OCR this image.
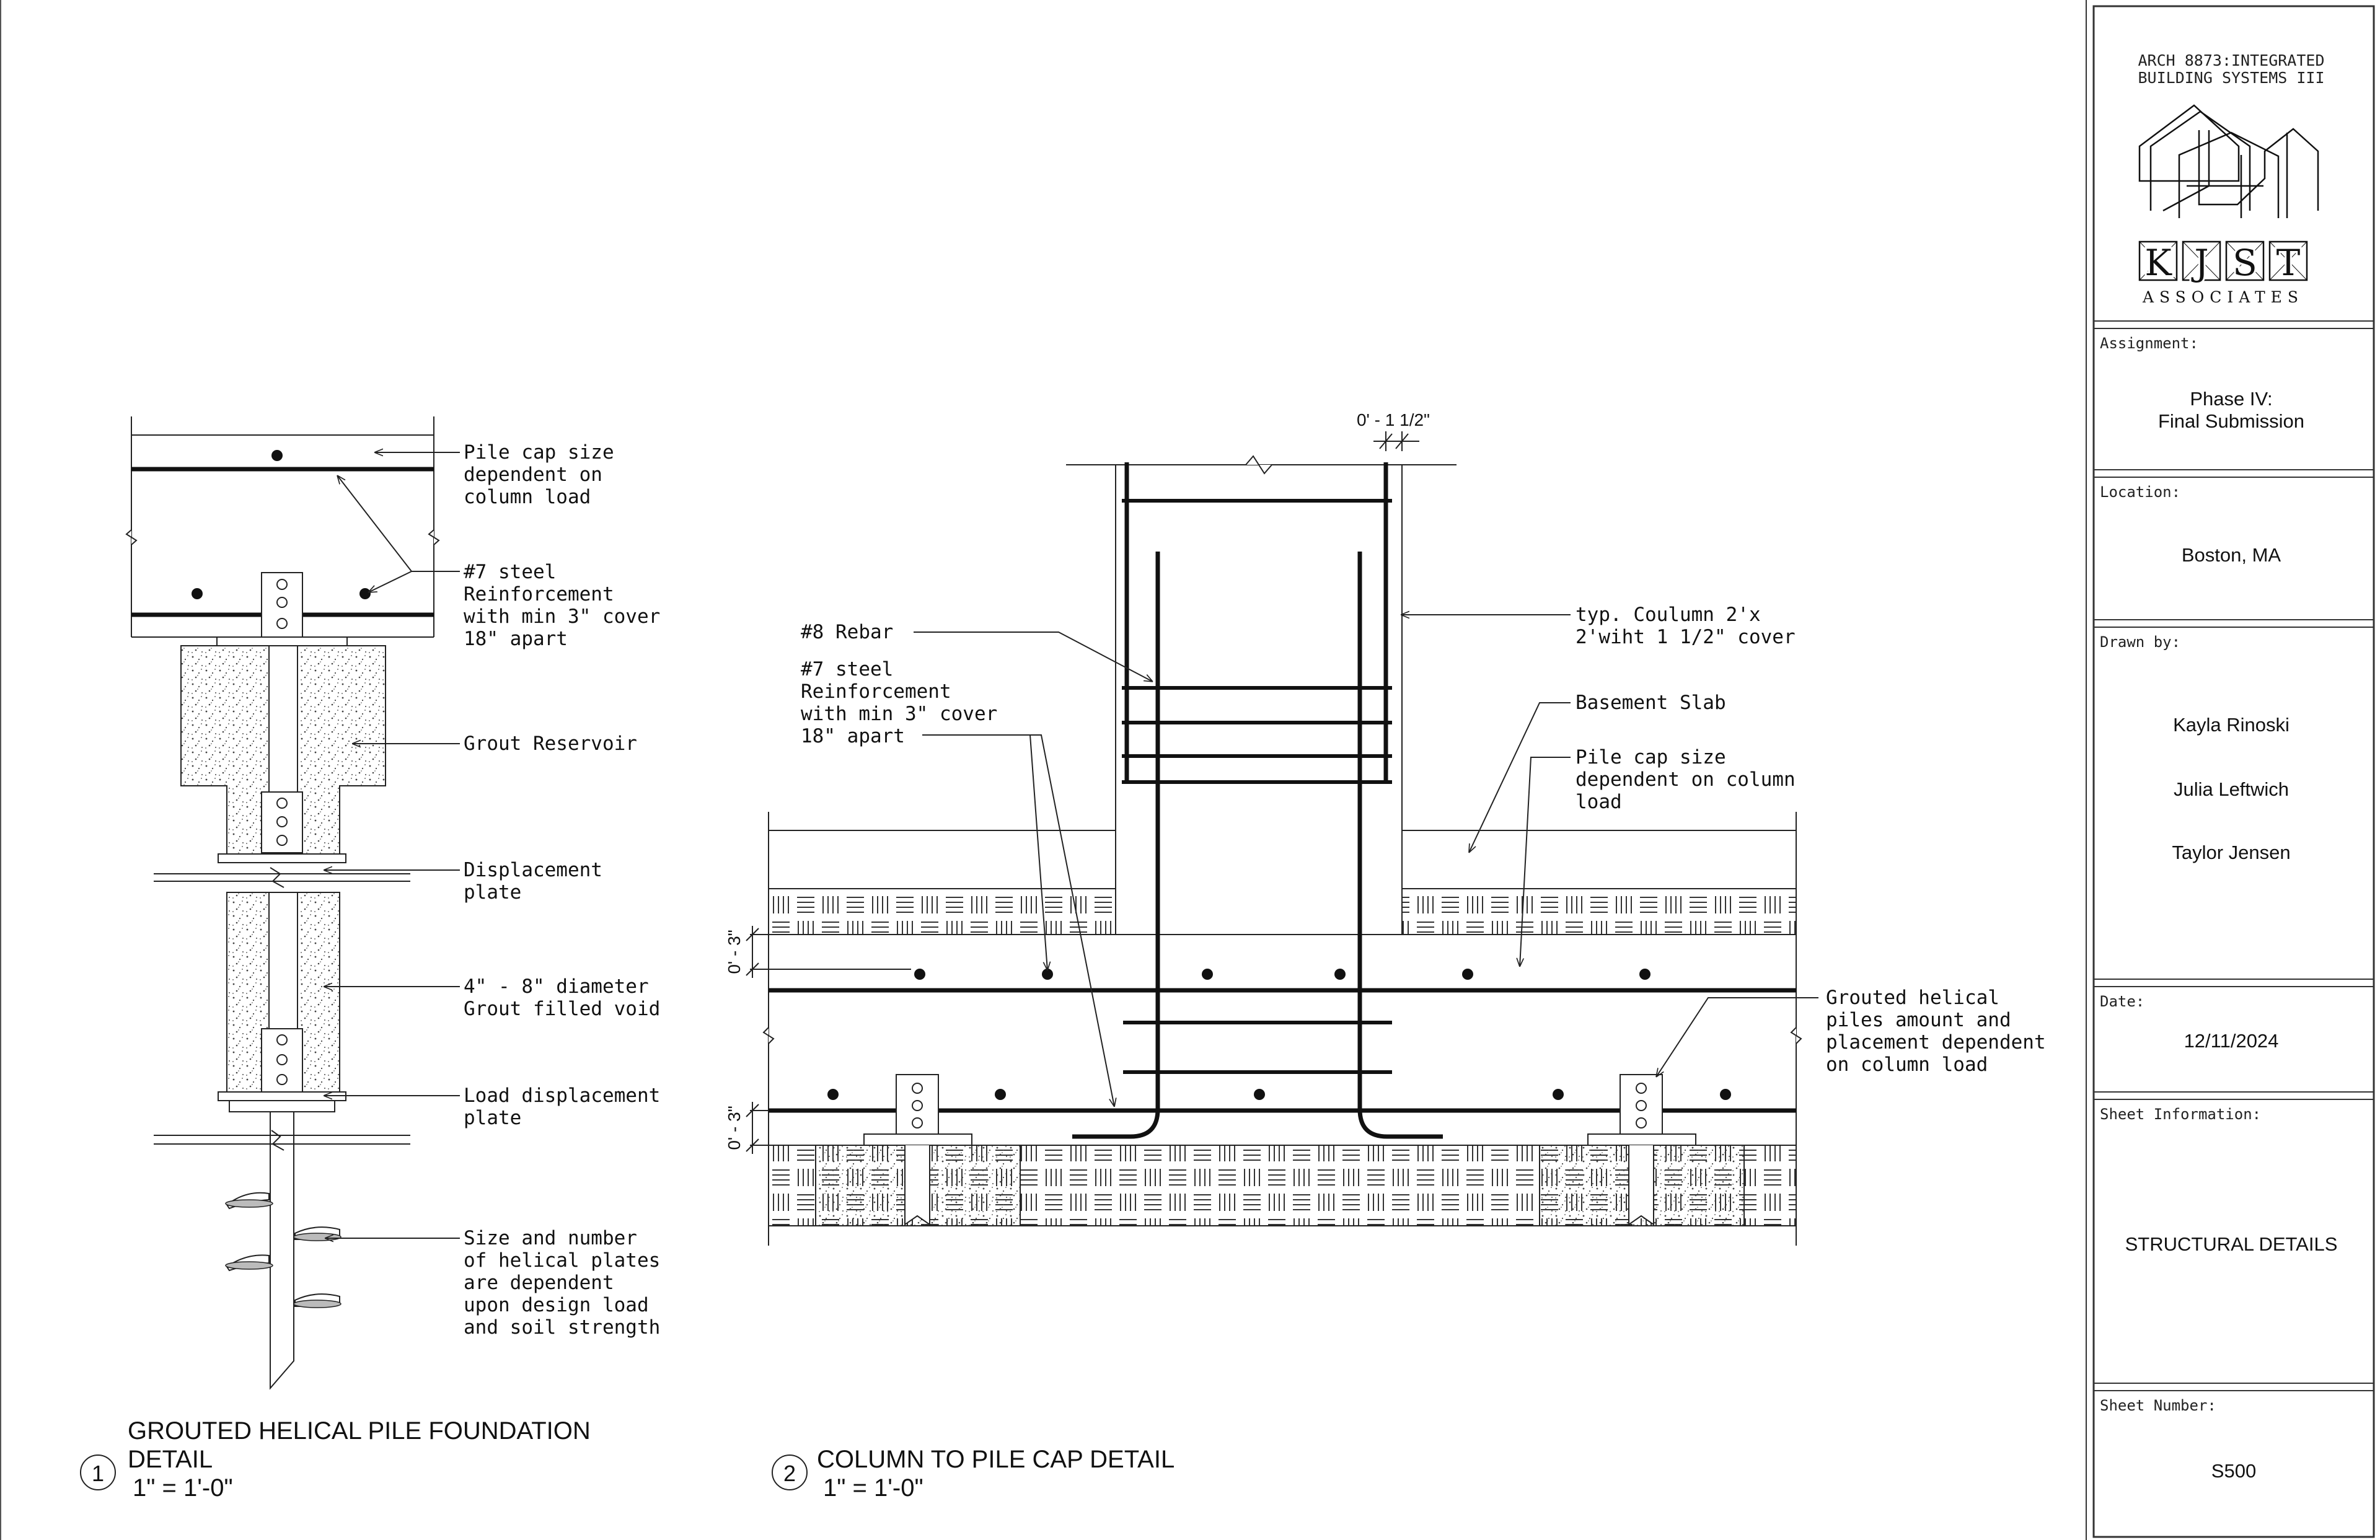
Pile cap size dependent on column load
#7 steel Reinforcement with min 3" cover 18" apart
Grout Reservoir
Displacement plate
4" - 8" diameter Grout filled void
Load displacement plate
Size and number of helical plates are dependent upon design load and soil strength
1
GROUTED HELICAL PILE FOUNDATION DETAIL
1" = 1'-0"
0' - 1 1/2"
0' - 3"
0' - 3"
#8 Rebar
#7 steel Reinforcement with min 3" cover 18" apart
typ. Coulumn 2'x 2'wiht 1 1/2" cover
Basement Slab
Pile cap size dependent on column load
Grouted helical piles amount and placement dependent on column load
2
COLUMN TO PILE CAP DETAIL
1" = 1'-0"
ARCH 8873:INTEGRATED BUILDING SYSTEMS III
K J S T
ASSOCIATES
Assignment:
Location:
Drawn by:
Date:
Sheet Information:
Sheet Number:
Phase IV: Final Submission
Boston, MA
Kayla Rinoski
Julia Leftwich
Taylor Jensen
12/11/2024
STRUCTURAL DETAILS
S500
